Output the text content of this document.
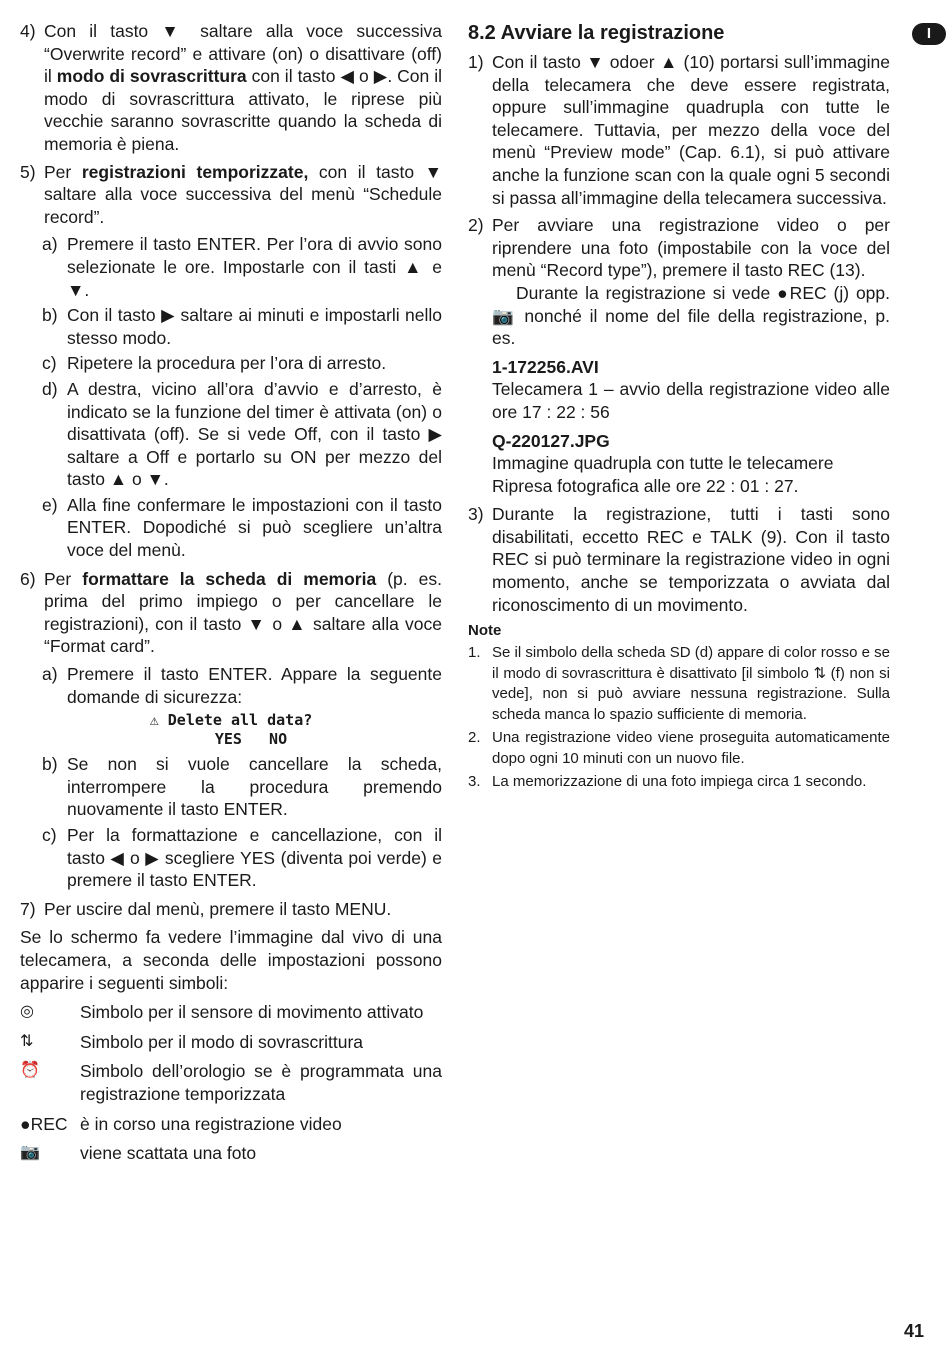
I
4) Con il tasto ▼ saltare alla voce successiva “Overwrite record” e attivare (on) o disattivare (off) il modo di sovrascrittura con il tasto ◀ o ▶. Con il modo di sovrascrittura attivato, le riprese più vecchie saranno sovrascritte quando la scheda di memoria è piena.
5) Per registrazioni temporizzate, con il tasto ▼ saltare alla voce successiva del menù “Schedule record”.
a) Premere il tasto ENTER. Per l’ora di avvio sono selezionate le ore. Impostarle con il tasti ▲ e ▼.
b) Con il tasto ▶ saltare ai minuti e impostarli nello stesso modo.
c) Ripetere la procedura per l’ora di arresto.
d) A destra, vicino all’ora d’avvio e d’arresto, è indicato se la funzione del timer è attivata (on) o disattivata (off). Se si vede Off, con il tasto ▶ saltare a Off e portarlo su ON per mezzo del tasto ▲ o ▼.
e) Alla fine confermare le impostazioni con il tasto ENTER. Dopodiché si può scegliere un’altra voce del menù.
6) Per formattare la scheda di memoria (p. es. prima del primo impiego o per cancellare le registrazioni), con il tasto ▼ o ▲ saltare alla voce “Format card”.
a) Premere il tasto ENTER. Appare la seguente domande di sicurezza:
⚠ Delete all data?
YES   NO
b) Se non si vuole cancellare la scheda, interrompere la procedura premendo nuovamente il tasto ENTER.
c) Per la formattazione e cancellazione, con il tasto ◀ o ▶ scegliere YES (diventa poi verde) e premere il tasto ENTER.
7) Per uscire dal menù, premere il tasto MENU.

Se lo schermo fa vedere l’immagine dal vivo di una telecamera, a seconda delle impostazioni possono apparire i seguenti simboli:

◎	Simbolo per il sensore di movimento attivato
⇅	Simbolo per il modo di sovrascrittura
⏰ Simbolo dell’orologio se è programmata una registrazione temporizzata
●REC è in corso una registrazione video
📷 viene scattata una foto
8.2 Avviare la registrazione
1) Con il tasto ▼ odoer ▲ (10) portarsi sull’immagine della telecamera che deve essere registrata, oppure sull’immagine quadrupla con tutte le telecamere. Tuttavia, per mezzo della voce del menù “Preview mode” (Cap. 6.1), si può attivare anche la funzione scan con la quale ogni 5 secondi si passa all’immagine della telecamera successiva.
2) Per avviare una registrazione video o per riprendere una foto (impostabile con la voce del menù “Record type”), premere il tasto REC (13).

Durante la registrazione si vede ●REC (j) opp. 📷 nonché il nome del file della registrazione, p. es.

1-172256.AVI

Telecamera 1 – avvio della registrazione video alle ore 17 : 22 : 56

Q-220127.JPG

Immagine quadrupla con tutte le telecamere

Ripresa fotografica alle ore 22 : 01 : 27.

3) Durante la registrazione, tutti i tasti sono disabilitati, eccetto REC e TALK (9). Con il tasto REC si può terminare la registrazione video in ogni momento, anche se temporizzata o avviata dal riconoscimento di un movimento.

Note

1. Se il simbolo della scheda SD (d) appare di color rosso e se il modo di sovrascrittura è disattivato [il simbolo ⇅ (f) non si vede], non si può avviare nessuna registrazione. Sulla scheda manca lo spazio sufficiente di memoria.
2. Una registrazione video viene proseguita automaticamente dopo ogni 10 minuti con un nuovo file.
3. La memorizzazione di una foto impiega circa 1 secondo.
41
